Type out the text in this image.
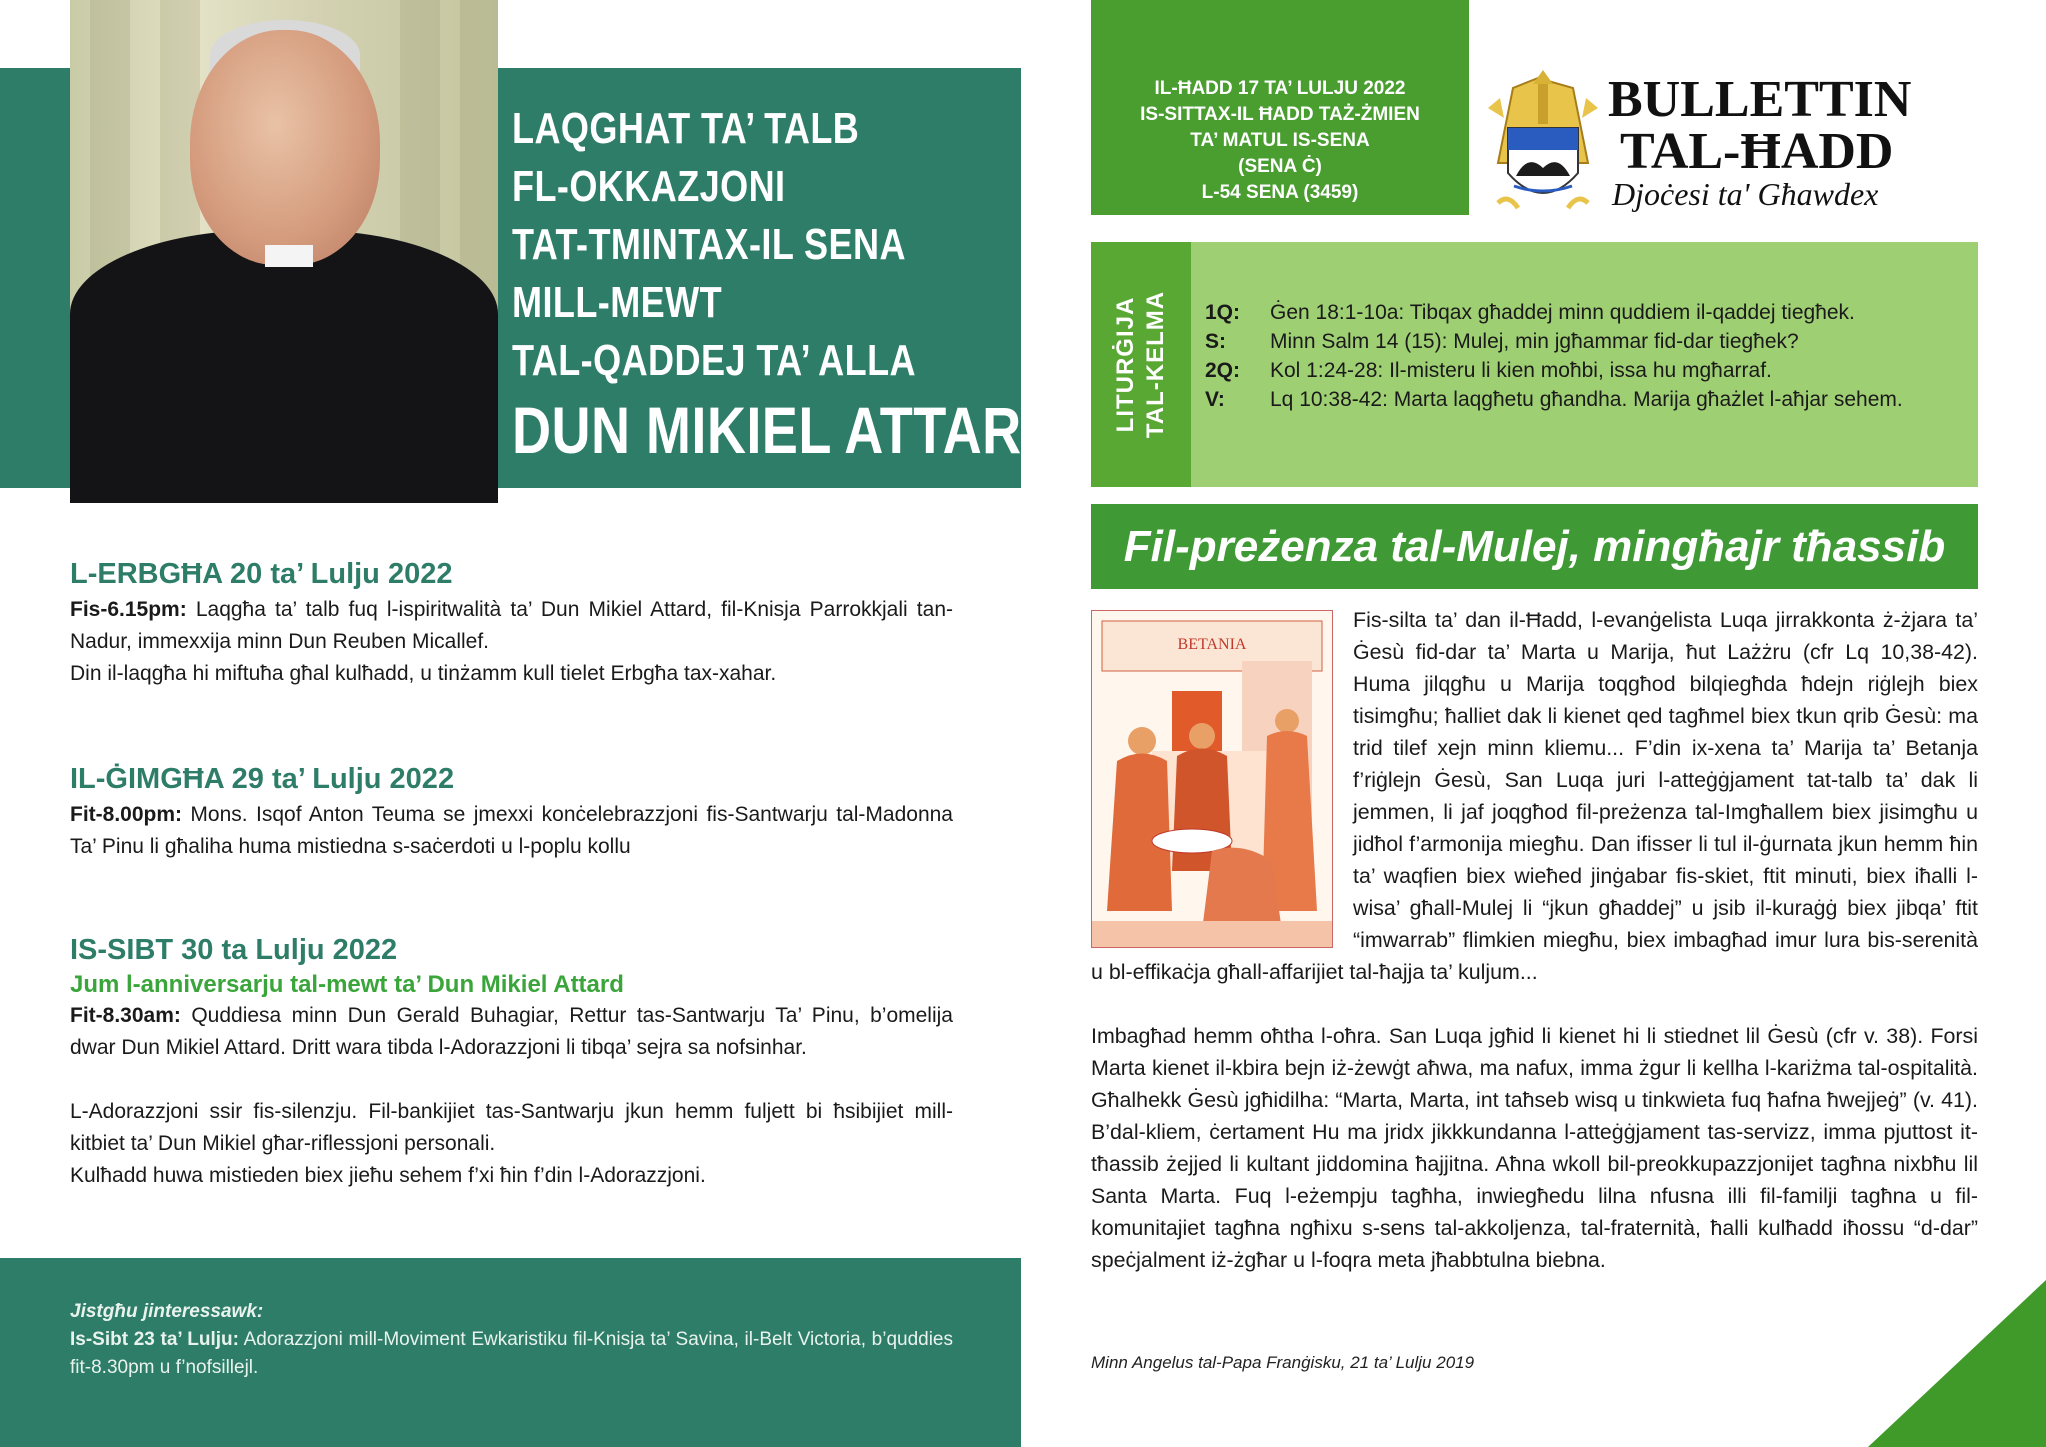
LAQGHAT TA’ TALB
FL-OKKAZJONI
TAT-TMINTAX-IL SENA
MILL-MEWT
TAL-QADDEJ TA’ ALLA
DUN MIKIEL ATTARD
L-ERBGĦA 20 ta’ Lulju 2022

Fis-6.15pm: Laqgħa ta’ talb fuq l-ispiritwalità ta’ Dun Mikiel Attard, fil-Knisja Parrokkjali tan-Nadur, immexxija minn Dun Reuben Micallef.

Din il-laqgħa hi miftuħa għal kulħadd, u tinżamm kull tielet Erbgħa tax-xahar.

IL-ĠIMGĦA 29 ta’ Lulju 2022

Fit-8.00pm: Mons. Isqof Anton Teuma se jmexxi konċelebrazzjoni fis-Santwarju tal-Madonna Ta’ Pinu li għaliha huma mistiedna s-saċerdoti u l-poplu kollu

IS-SIBT 30 ta Lulju 2022
Jum l-anniversarju tal-mewt ta’ Dun Mikiel Attard

Fit-8.30am: Quddiesa minn Dun Gerald Buhagiar, Rettur tas-Santwarju Ta’ Pinu, b’omelija dwar Dun Mikiel Attard. Dritt wara tibda l-Adorazzjoni li tibqa’ sejra sa nofsinhar.

L-Adorazzjoni ssir fis-silenzju. Fil-bankijiet tas-Santwarju jkun hemm fuljett bi ħsibijiet mill-kitbiet ta’ Dun Mikiel għar-riflessjoni personali.

Kulħadd huwa mistieden biex jieħu sehem f’xi ħin f’din l-Adorazzjoni.

Jistgħu jinteressawk:
Is-Sibt 23 ta’ Lulju: Adorazzjoni mill-Moviment Ewkaristiku fil-Knisja ta’ Savina, il-Belt Victoria, b’quddies fit-8.30pm u f’nofsillejl.
IL-ĦADD 17 TA’ LULJU 2022
IS-SITTAX-IL ĦADD TAŻ-ŻMIEN
TA’ MATUL IS-SENA
(SENA Ċ)
L-54 SENA (3459)
BULLETTIN
TAL-ĦADD
Djoċesi ta' Għawdex
LITURĠIJA TAL-KELMA 1Q:	Ġen 18:1-10a: Tibqax għaddej minn quddiem il-qaddej tiegħek.
S:	Minn Salm 14 (15): Mulej, min jgħammar fid-dar tiegħek?
2Q:	Kol 1:24-28: Il-misteru li kien moħbi, issa hu mgħarraf.
V:	Lq 10:38-42: Marta laqgħetu għandha. Marija għażlet l-aħjar sehem.
Fil-preżenza tal-Mulej, mingħajr tħassib
BETANIA

Fis-silta ta’ dan il-Ħadd, l-evanġelista Luqa jirrakkonta ż-żjara ta’ Ġesù fid-dar ta’ Marta u Marija, ħut Lażżru (cfr Lq 10,38-42). Huma jilqgħu u Marija toqgħod bilqiegħda ħdejn riġlejh biex tisimgħu; ħalliet dak li kienet qed tagħmel biex tkun qrib Ġesù: ma trid tilef xejn minn kliemu... F’din ix-xena ta’ Marija ta’ Betanja f’riġlejn Ġesù, San Luqa juri l-atteġġjament tat-talb ta’ dak li jemmen, li jaf joqgħod fil-preżenza tal-Imgħallem biex jisimgħu u jidħol f’armonija miegħu. Dan ifisser li tul il-ġurnata jkun hemm ħin ta’ waqfien biex wieħed jinġabar fis-skiet, ftit minuti, biex iħalli l-wisa’ għall-Mulej li “jkun għaddej” u jsib il-kuraġġ biex jibqa’ ftit “imwarrab” flimkien miegħu, biex imbagħad imur lura bis-serenità u bl-effikaċja għall-affarijiet tal-ħajja ta’ kuljum...

Imbagħad hemm oħtha l-oħra. San Luqa jgħid li kienet hi li stiednet lil Ġesù (cfr v. 38). Forsi Marta kienet il-kbira bejn iż-żewġt aħwa, ma nafux, imma żgur li kellha l-kariżma tal-ospitalità. Għalhekk Ġesù jgħidilha: “Marta, Marta, int taħseb wisq u tinkwieta fuq ħafna ħwejjeġ” (v. 41). B’dal-kliem, ċertament Hu ma jridx jikkkundanna l-atteġġjament tas-servizz, imma pjuttost it-tħassib żejjed li kultant jiddomina ħajjitna. Aħna wkoll bil-preokkupazzjonijet tagħna nixbħu lil Santa Marta. Fuq l-eżempju tagħha, inwiegħedu lilna nfusna illi fil-familji tagħna u fil-komunitajiet tagħna ngħixu s-sens tal-akkoljenza, tal-fraternità, ħalli kulħadd iħossu “d-dar” speċjalment iż-żgħar u l-foqra meta jħabbtulna biebna.

Minn Angelus tal-Papa Franġisku, 21 ta’ Lulju 2019
